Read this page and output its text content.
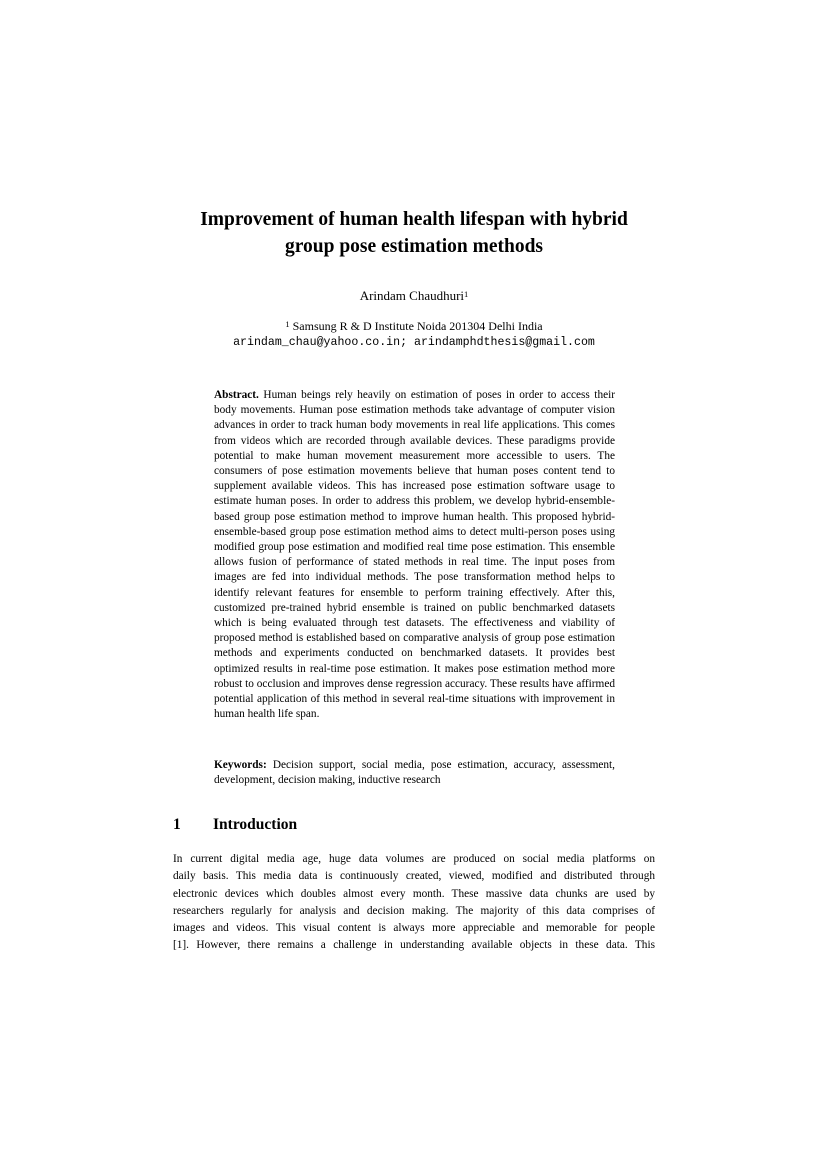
Improvement of human health lifespan with hybrid
group pose estimation methods
Arindam Chaudhuri$^1$
$^1$ Samsung R & D Institute Noida 201304 Delhi India
arindam_chau@yahoo.co.in; arindamphdthesis@gmail.com
Abstract. Human beings rely heavily on estimation of poses in order to access their body movements. Human pose estimation methods take advantage of computer vision advances in order to track human body movements in real life applications. This comes from videos which are recorded through available devices. These paradigms provide potential to make human movement measurement more accessible to users. The consumers of pose estimation movements believe that human poses content tend to supplement available videos. This has increased pose estimation software usage to estimate human poses. In order to address this problem, we develop hybrid-ensemble-based group pose estimation method to improve human health. This proposed hybrid-ensemble-based group pose estimation method aims to detect multi-person poses using modified group pose estimation and modified real time pose estimation. This ensemble allows fusion of performance of stated methods in real time. The input poses from images are fed into individual methods. The pose transformation method helps to identify relevant features for ensemble to perform training effectively. After this, customized pre-trained hybrid ensemble is trained on public benchmarked datasets which is being evaluated through test datasets. The effectiveness and viability of proposed method is established based on comparative analysis of group pose estimation methods and experiments conducted on benchmarked datasets. It provides best optimized results in real-time pose estimation. It makes pose estimation method more robust to occlusion and improves dense regression accuracy. These results have affirmed potential application of this method in several real-time situations with improvement in human health life span.
Keywords: Decision support, social media, pose estimation, accuracy, assessment, development, decision making, inductive research
1 Introduction
In current digital media age, huge data volumes are produced on social media platforms on
daily basis. This media data is continuously created, viewed, modified and distributed through
electronic devices which doubles almost every month. These massive data chunks are used by
researchers regularly for analysis and decision making. The majority of this data comprises of
images and videos. This visual content is always more appreciable and memorable for people
[1]. However, there remains a challenge in understanding available objects in these data. This
